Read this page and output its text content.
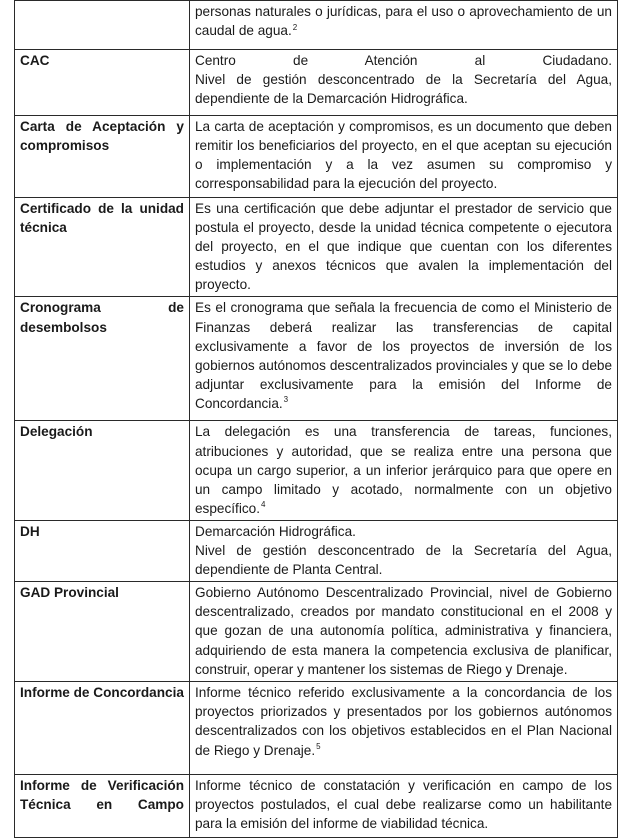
	personas naturales o jurídicas, para el uso o aprovechamiento de un caudal de agua.$^2$

CAC	Centro de Atención al Ciudadano.
Nivel de gestión desconcentrado de la Secretaría del Agua, dependiente de la Demarcación Hidrográfica.

Carta de Aceptación y compromisos	La carta de aceptación y compromisos, es un documento que deben remitir los beneficiarios del proyecto, en el que aceptan su ejecución o implementación y a la vez asumen su compromiso y corresponsabilidad para la ejecución del proyecto.

Certificado de la unidad técnica	Es una certificación que debe adjuntar el prestador de servicio que postula el proyecto, desde la unidad técnica competente o ejecutora del proyecto, en el que indique que cuentan con los diferentes estudios y anexos técnicos que avalen la implementación del proyecto.

Cronograma de desembolsos	Es el cronograma que señala la frecuencia de como el Ministerio de Finanzas deberá realizar las transferencias de capital exclusivamente a favor de los proyectos de inversión de los gobiernos autónomos descentralizados provinciales y que se lo debe adjuntar exclusivamente para la emisión del Informe de Concordancia.$^3$

Delegación	La delegación es una transferencia de tareas, funciones, atribuciones y autoridad, que se realiza entre una persona que ocupa un cargo superior, a un inferior jerárquico para que opere en un campo limitado y acotado, normalmente con un objetivo específico.$^4$

DH	Demarcación Hidrográfica.
Nivel de gestión desconcentrado de la Secretaría del Agua, dependiente de Planta Central.

GAD Provincial	Gobierno Autónomo Descentralizado Provincial, nivel de Gobierno descentralizado, creados por mandato constitucional en el 2008 y que gozan de una autonomía política, administrativa y financiera, adquiriendo de esta manera la competencia exclusiva de planificar, construir, operar y mantener los sistemas de Riego y Drenaje.

Informe de Concordancia	Informe técnico referido exclusivamente a la concordancia de los proyectos priorizados y presentados por los gobiernos autónomos descentralizados con los objetivos establecidos en el Plan Nacional de Riego y Drenaje.$^5$

Informe de Verificación Técnica en Campo	Informe técnico de constatación y verificación en campo de los proyectos postulados, el cual debe realizarse como un habilitante para la emisión del informe de viabilidad técnica.
